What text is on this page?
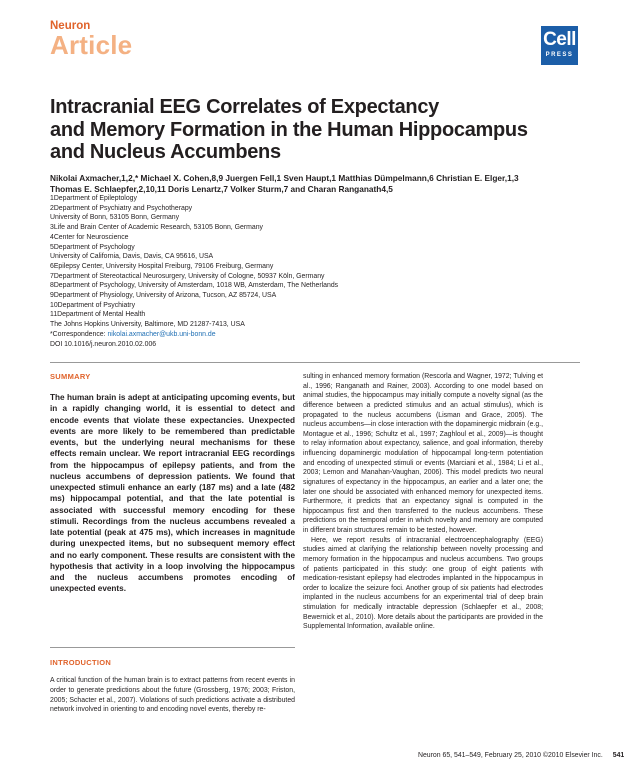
Neuron
Article	Cell
PRESS
Intracranial EEG Correlates of Expectancy
and Memory Formation in the Human Hippocampus
and Nucleus Accumbens
Nikolai Axmacher,1,2,* Michael X. Cohen,8,9 Juergen Fell,1 Sven Haupt,1 Matthias Dümpelmann,6 Christian E. Elger,1,3
Thomas E. Schlaepfer,2,10,11 Doris Lenartz,7 Volker Sturm,7 and Charan Ranganath4,5
1Department of Epileptology
2Department of Psychiatry and Psychotherapy
University of Bonn, 53105 Bonn, Germany
3Life and Brain Center of Academic Research, 53105 Bonn, Germany
4Center for Neuroscience
5Department of Psychology
University of California, Davis, Davis, CA 95616, USA
6Epilepsy Center, University Hospital Freiburg, 79106 Freiburg, Germany
7Department of Stereotactical Neurosurgery, University of Cologne, 50937 Köln, Germany
8Department of Psychology, University of Amsterdam, 1018 WB, Amsterdam, The Netherlands
9Department of Physiology, University of Arizona, Tucson, AZ 85724, USA
10Department of Psychiatry
11Department of Mental Health
The Johns Hopkins University, Baltimore, MD 21287-7413, USA
*Correspondence: nikolai.axmacher@ukb.uni-bonn.de
DOI 10.1016/j.neuron.2010.02.006
SUMMARY

The human brain is adept at anticipating upcoming events, but in a rapidly changing world, it is essential to detect and encode events that violate these expectancies. Unexpected events are more likely to be remembered than predictable events, but the underlying neural mechanisms for these effects remain unclear. We report intracranial EEG recordings from the hippocampus of epilepsy patients, and from the nucleus accumbens of depression patients. We found that unexpected stimuli enhance an early (187 ms) and a late (482 ms) hippocampal potential, and that the late potential is associated with successful memory encoding for these stimuli. Recordings from the nucleus accumbens revealed a late potential (peak at 475 ms), which increases in magnitude during unexpected items, but no subsequent memory effect and no early component. These results are consistent with the hypothesis that activity in a loop involving the hippocampus and the nucleus accumbens promotes encoding of unexpected events.

INTRODUCTION

A critical function of the human brain is to extract patterns from recent events in order to generate predictions about the future (Grossberg, 1976; 2003; Friston, 2005; Schacter et al., 2007). Violations of such predictions activate a distributed network involved in orienting to and encoding novel events, thereby re-

sulting in enhanced memory formation (Rescorla and Wagner, 1972; Tulving et al., 1996; Ranganath and Rainer, 2003). According to one model based on animal studies, the hippocampus may initially compute a novelty signal (as the difference between a predicted stimulus and an actual stimulus), which is propagated to the nucleus accumbens (Lisman and Grace, 2005). The nucleus accumbens—in close interaction with the dopaminergic midbrain (e.g., Montague et al., 1996; Schultz et al., 1997; Zaghloul et al., 2009)—is thought to relay information about expectancy, salience, and goal information, thereby influencing dopaminergic modulation of hippocampal long-term potentiation and encoding of unexpected stimuli or events (Marciani et al., 1984; Li et al., 2003; Lemon and Manahan-Vaughan, 2006). This model predicts two neural signatures of expectancy in the hippocampus, an earlier and a later one; the later one should be associated with enhanced memory for unexpected items. Furthermore, it predicts that an expectancy signal is computed in the hippocampus first and then transferred to the nucleus accumbens. These predictions on the temporal order in which novelty and memory are computed in different brain structures remain to be tested, however.

Here, we report results of intracranial electroencephalography (EEG) studies aimed at clarifying the relationship between novelty processing and memory formation in the hippocampus and nucleus accumbens. Two groups of patients participated in this study: one group of eight patients with medication-resistant epilepsy had electrodes implanted in the hippocampus in order to localize the seizure foci. Another group of six patients had electrodes implanted in the nucleus accumbens for an experimental trial of deep brain stimulation for medically intractable depression (Schlaepfer et al., 2008; Bewernick et al., 2010). More details about the participants are provided in the Supplemental Information, available online.

Neuron 65, 541–549, February 25, 2010 ©2010 Elsevier Inc. 541
